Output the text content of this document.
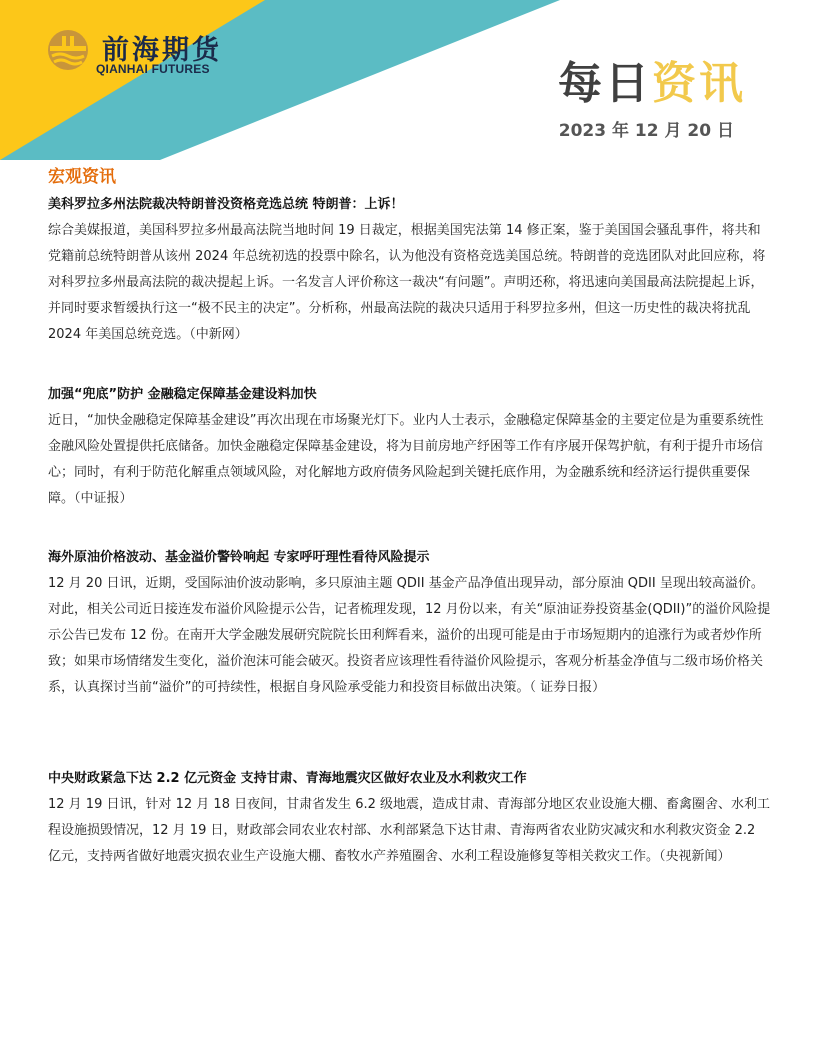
前海期货
QIANHAI FUTURES	每日资讯
2023 年 12 月 20 日
宏观资讯
美科罗拉多州法院裁决特朗普没资格竞选总统 特朗普：上诉！

综合美媒报道，美国科罗拉多州最高法院当地时间 19 日裁定，根据美国宪法第 14 修正案，鉴于美国国会骚乱事件，将共和党籍前总统特朗普从该州 2024 年总统初选的投票中除名，认为他没有资格竞选美国总统。特朗普的竞选团队对此回应称，将对科罗拉多州最高法院的裁决提起上诉。一名发言人评价称这一裁决“有问题”。声明还称，将迅速向美国最高法院提起上诉，并同时要求暂缓执行这一“极不民主的决定”。分析称，州最高法院的裁决只适用于科罗拉多州，但这一历史性的裁决将扰乱 2024 年美国总统竞选。（中新网）

加强“兜底”防护 金融稳定保障基金建设料加快

近日，“加快金融稳定保障基金建设”再次出现在市场聚光灯下。业内人士表示，金融稳定保障基金的主要定位是为重要系统性金融风险处置提供托底储备。加快金融稳定保障基金建设，将为目前房地产纾困等工作有序展开保驾护航，有利于提升市场信心；同时，有利于防范化解重点领域风险，对化解地方政府债务风险起到关键托底作用，为金融系统和经济运行提供重要保障。（中证报）

海外原油价格波动、基金溢价警铃响起 专家呼吁理性看待风险提示

12 月 20 日讯，近期，受国际油价波动影响，多只原油主题 QDII 基金产品净值出现异动，部分原油 QDII 呈现出较高溢价。对此，相关公司近日接连发布溢价风险提示公告，记者梳理发现，12 月份以来，有关“原油证券投资基金(QDII)”的溢价风险提示公告已发布 12 份。在南开大学金融发展研究院院长田利辉看来，溢价的出现可能是由于市场短期内的追涨行为或者炒作所致；如果市场情绪发生变化，溢价泡沫可能会破灭。投资者应该理性看待溢价风险提示，客观分析基金净值与二级市场价格关系，认真探讨当前“溢价”的可持续性，根据自身风险承受能力和投资目标做出决策。（ 证券日报）

中央财政紧急下达 2.2 亿元资金 支持甘肃、青海地震灾区做好农业及水利救灾工作

12 月 19 日讯，针对 12 月 18 日夜间，甘肃省发生 6.2 级地震，造成甘肃、青海部分地区农业设施大棚、畜禽圈舍、水利工程设施损毁情况，12 月 19 日，财政部会同农业农村部、水利部紧急下达甘肃、青海两省农业防灾减灾和水利救灾资金 2.2 亿元，支持两省做好地震灾损农业生产设施大棚、畜牧水产养殖圈舍、水利工程设施修复等相关救灾工作。（央视新闻）
